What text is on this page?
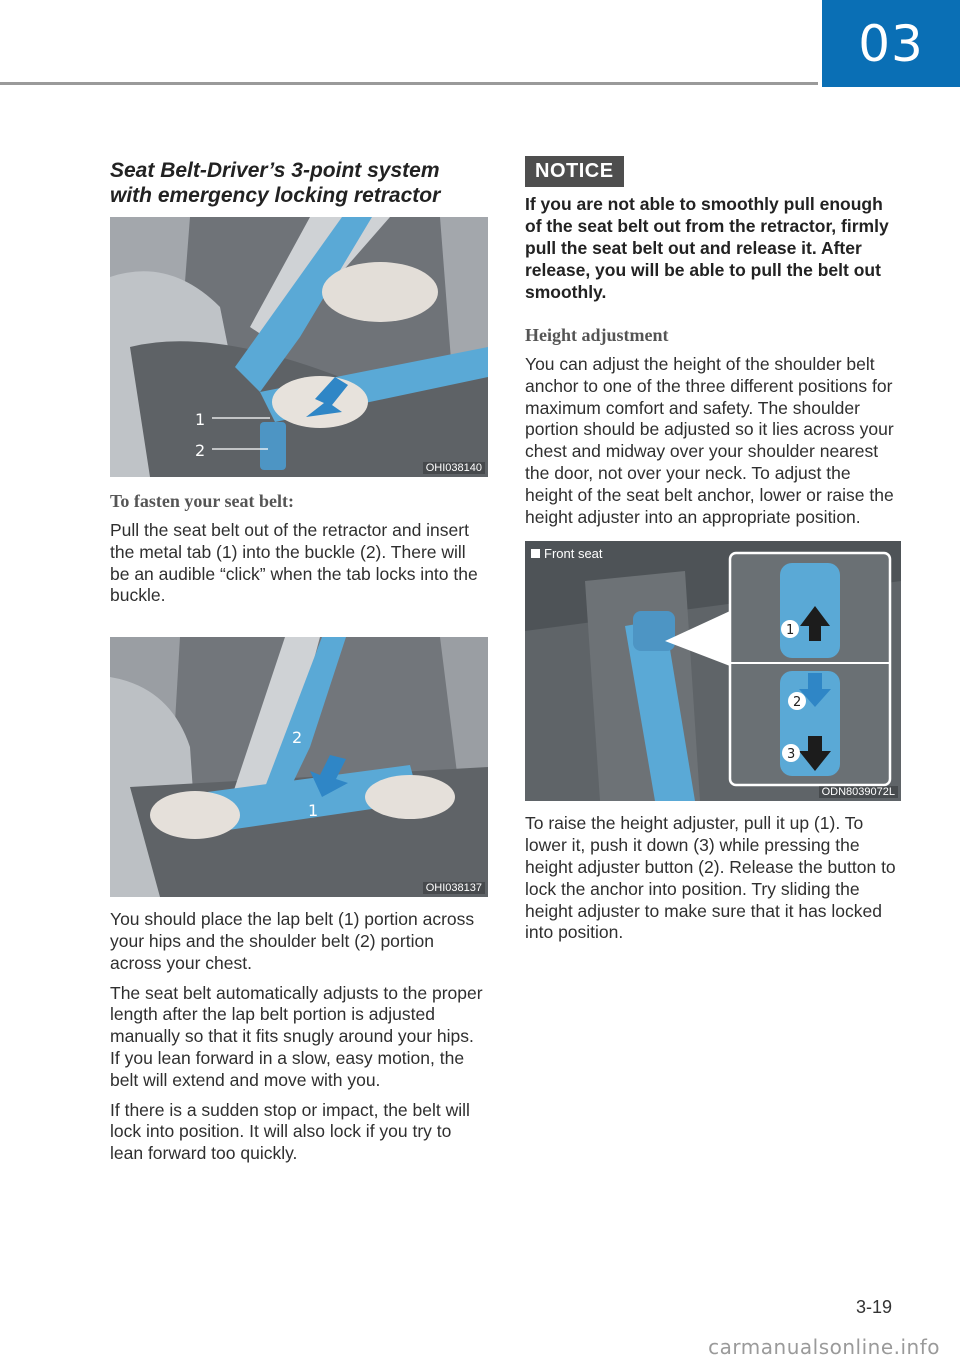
03
Seat Belt-Driver’s 3-point system
with emergency locking retractor
1
2
OHI038140

To fasten your seat belt:

Pull the seat belt out of the retractor and insert the metal tab (1) into the buckle (2). There will be an audible “click” when the tab locks into the buckle.

2
1
OHI038137

You should place the lap belt (1) portion across your hips and the shoulder belt (2) portion across your chest.

The seat belt automatically adjusts to the proper length after the lap belt portion is adjusted manually so that it fits snugly around your hips. If you lean forward in a slow, easy motion, the belt will extend and move with you.

If there is a sudden stop or impact, the belt will lock into position. It will also lock if you try to lean forward too quickly.

NOTICE

If you are not able to smoothly pull enough of the seat belt out from the retractor, firmly pull the seat belt out and release it. After release, you will be able to pull the belt out smoothly.

Height adjustment

You can adjust the height of the shoulder belt anchor to one of the three different positions for maximum comfort and safety. The shoulder portion should be adjusted so it lies across your chest and midway over your shoulder nearest the door, not over your neck. To adjust the height of the seat belt anchor, lower or raise the height adjuster into an appropriate position.

1
2
3
Front seat
ODN8039072L

To raise the height adjuster, pull it up (1). To lower it, push it down (3) while pressing the height adjuster button (2). Release the button to lock the anchor into position. Try sliding the height adjuster to make sure that it has locked into position.

3-19
carmanualsonline.info
